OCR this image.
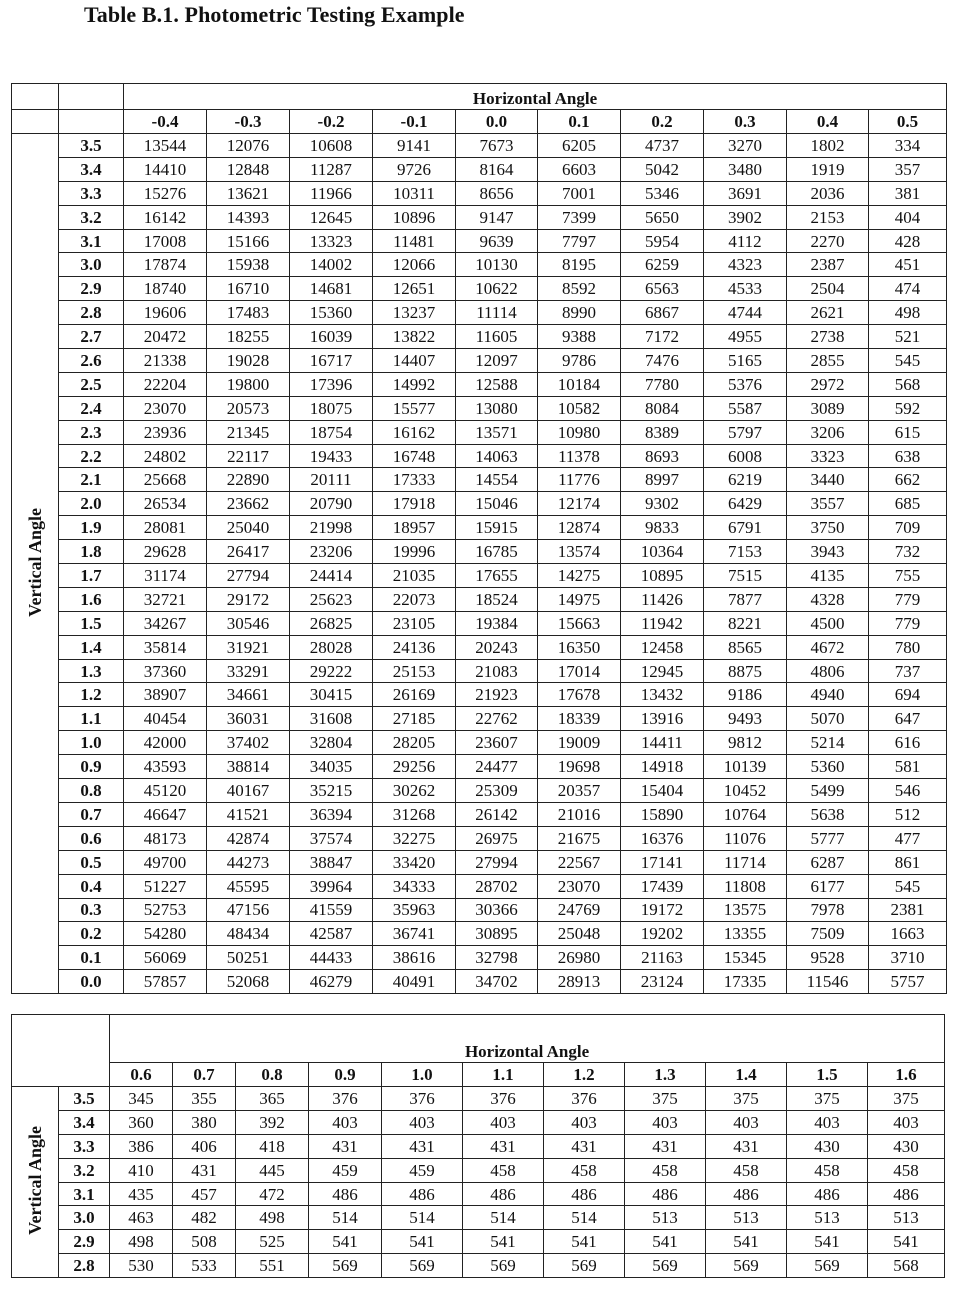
Table B.1. Photometric Testing Example
		Horizontal Angle									
		-0.4	-0.3	-0.2	-0.1	0.0	0.1	0.2	0.3	0.4	0.5
Vertical Angle	3.5	13544	12076	10608	9141	7673	6205	4737	3270	1802	334
	3.4	14410	12848	11287	9726	8164	6603	5042	3480	1919	357
	3.3	15276	13621	11966	10311	8656	7001	5346	3691	2036	381
	3.2	16142	14393	12645	10896	9147	7399	5650	3902	2153	404
	3.1	17008	15166	13323	11481	9639	7797	5954	4112	2270	428
	3.0	17874	15938	14002	12066	10130	8195	6259	4323	2387	451
	2.9	18740	16710	14681	12651	10622	8592	6563	4533	2504	474
	2.8	19606	17483	15360	13237	11114	8990	6867	4744	2621	498
	2.7	20472	18255	16039	13822	11605	9388	7172	4955	2738	521
	2.6	21338	19028	16717	14407	12097	9786	7476	5165	2855	545
	2.5	22204	19800	17396	14992	12588	10184	7780	5376	2972	568
	2.4	23070	20573	18075	15577	13080	10582	8084	5587	3089	592
	2.3	23936	21345	18754	16162	13571	10980	8389	5797	3206	615
	2.2	24802	22117	19433	16748	14063	11378	8693	6008	3323	638
	2.1	25668	22890	20111	17333	14554	11776	8997	6219	3440	662
	2.0	26534	23662	20790	17918	15046	12174	9302	6429	3557	685
	1.9	28081	25040	21998	18957	15915	12874	9833	6791	3750	709
	1.8	29628	26417	23206	19996	16785	13574	10364	7153	3943	732
	1.7	31174	27794	24414	21035	17655	14275	10895	7515	4135	755
	1.6	32721	29172	25623	22073	18524	14975	11426	7877	4328	779
	1.5	34267	30546	26825	23105	19384	15663	11942	8221	4500	779
	1.4	35814	31921	28028	24136	20243	16350	12458	8565	4672	780
	1.3	37360	33291	29222	25153	21083	17014	12945	8875	4806	737
	1.2	38907	34661	30415	26169	21923	17678	13432	9186	4940	694
	1.1	40454	36031	31608	27185	22762	18339	13916	9493	5070	647
	1.0	42000	37402	32804	28205	23607	19009	14411	9812	5214	616
	0.9	43593	38814	34035	29256	24477	19698	14918	10139	5360	581
	0.8	45120	40167	35215	30262	25309	20357	15404	10452	5499	546
	0.7	46647	41521	36394	31268	26142	21016	15890	10764	5638	512
	0.6	48173	42874	37574	32275	26975	21675	16376	11076	5777	477
	0.5	49700	44273	38847	33420	27994	22567	17141	11714	6287	861
	0.4	51227	45595	39964	34333	28702	23070	17439	11808	6177	545
	0.3	52753	47156	41559	35963	30366	24769	19172	13575	7978	2381
	0.2	54280	48434	42587	36741	30895	25048	19202	13355	7509	1663
	0.1	56069	50251	44433	38616	32798	26980	21163	15345	9528	3710
	0.0	57857	52068	46279	40491	34702	28913	23124	17335	11546	5757
		Horizontal Angle										
		0.6	0.7	0.8	0.9	1.0	1.1	1.2	1.3	1.4	1.5	1.6
Vertical Angle	3.5	345	355	365	376	376	376	376	375	375	375	375
	3.4	360	380	392	403	403	403	403	403	403	403	403
	3.3	386	406	418	431	431	431	431	431	431	430	430
	3.2	410	431	445	459	459	458	458	458	458	458	458
	3.1	435	457	472	486	486	486	486	486	486	486	486
	3.0	463	482	498	514	514	514	514	513	513	513	513
	2.9	498	508	525	541	541	541	541	541	541	541	541
	2.8	530	533	551	569	569	569	569	569	569	569	568
